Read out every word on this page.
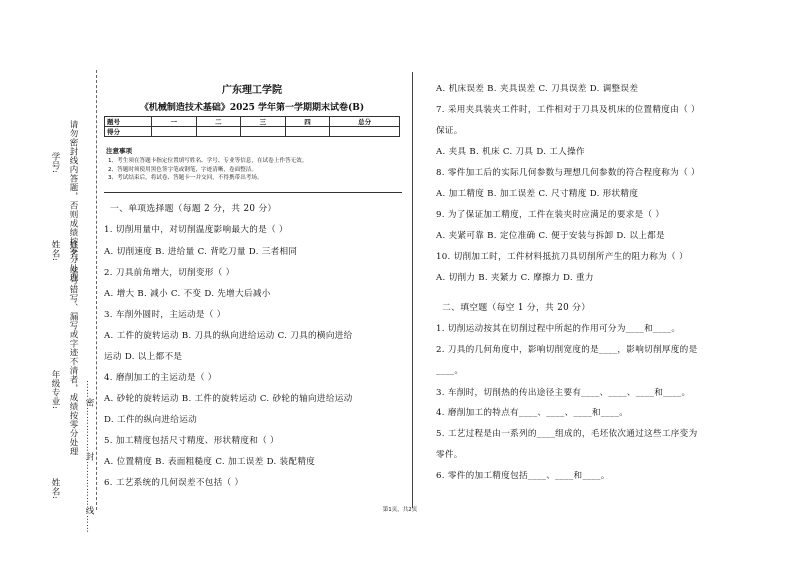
学号: 请勿密封线内答题，否则成绩按零分处理
姓名: 姓名、学号错写、漏写或字迹不清者，成绩按零分处理
年级专业:	……密……………封……………线……
姓名:
广东理工学院
《机械制造技术基础》2025 学年第一学期期末试卷(B)
题号	一	二	三	四	总分
得分					
注意事项
1、考生须在答题卡指定位置填写姓名、学号、专业等信息，在试卷上作答无效。
2、答题时须使用黑色签字笔或钢笔，字迹清晰，卷面整洁。
3、考试结束后，将试卷、答题卡一并交回，不得携带出考场。
一、单项选择题（每题 2 分，共 20 分）
1. 切削用量中，对切削温度影响最大的是（ ）
A. 切削速度 B. 进给量 C. 背吃刀量 D. 三者相同
2. 刀具前角增大，切削变形（ ）
A. 增大 B. 减小 C. 不变 D. 先增大后减小
3. 车削外圆时，主运动是（ ）
A. 工件的旋转运动 B. 刀具的纵向进给运动 C. 刀具的横向进给
运动 D. 以上都不是
4. 磨削加工的主运动是（ ）
A. 砂轮的旋转运动 B. 工件的旋转运动 C. 砂轮的轴向进给运动
D. 工件的纵向进给运动
5. 加工精度包括尺寸精度、形状精度和（ ）
A. 位置精度 B. 表面粗糙度 C. 加工误差 D. 装配精度
6. 工艺系统的几何误差不包括（ ）
A. 机床误差 B. 夹具误差 C. 刀具误差 D. 调整误差
7. 采用夹具装夹工件时，工件相对于刀具及机床的位置精度由（ ）
保证。
A. 夹具 B. 机床 C. 刀具 D. 工人操作
8. 零件加工后的实际几何参数与理想几何参数的符合程度称为（ ）
A. 加工精度 B. 加工误差 C. 尺寸精度 D. 形状精度
9. 为了保证加工精度，工件在装夹时应满足的要求是（ ）
A. 夹紧可靠 B. 定位准确 C. 便于安装与拆卸 D. 以上都是
10. 切削加工时，工件材料抵抗刀具切削所产生的阻力称为（ ）
A. 切削力 B. 夹紧力 C. 摩擦力 D. 重力
二、填空题（每空 1 分，共 20 分）
1. 切削运动按其在切削过程中所起的作用可分为____和____。
2. 刀具的几何角度中，影响切削宽度的是____，影响切削厚度的是
____。
3. 车削时，切削热的传出途径主要有____、____、____和____。
4. 磨削加工的特点有____、____、____和____。
5. 工艺过程是由一系列的____组成的，毛坯依次通过这些工序变为
零件。
6. 零件的加工精度包括____、____和____。
第1页，共2页
